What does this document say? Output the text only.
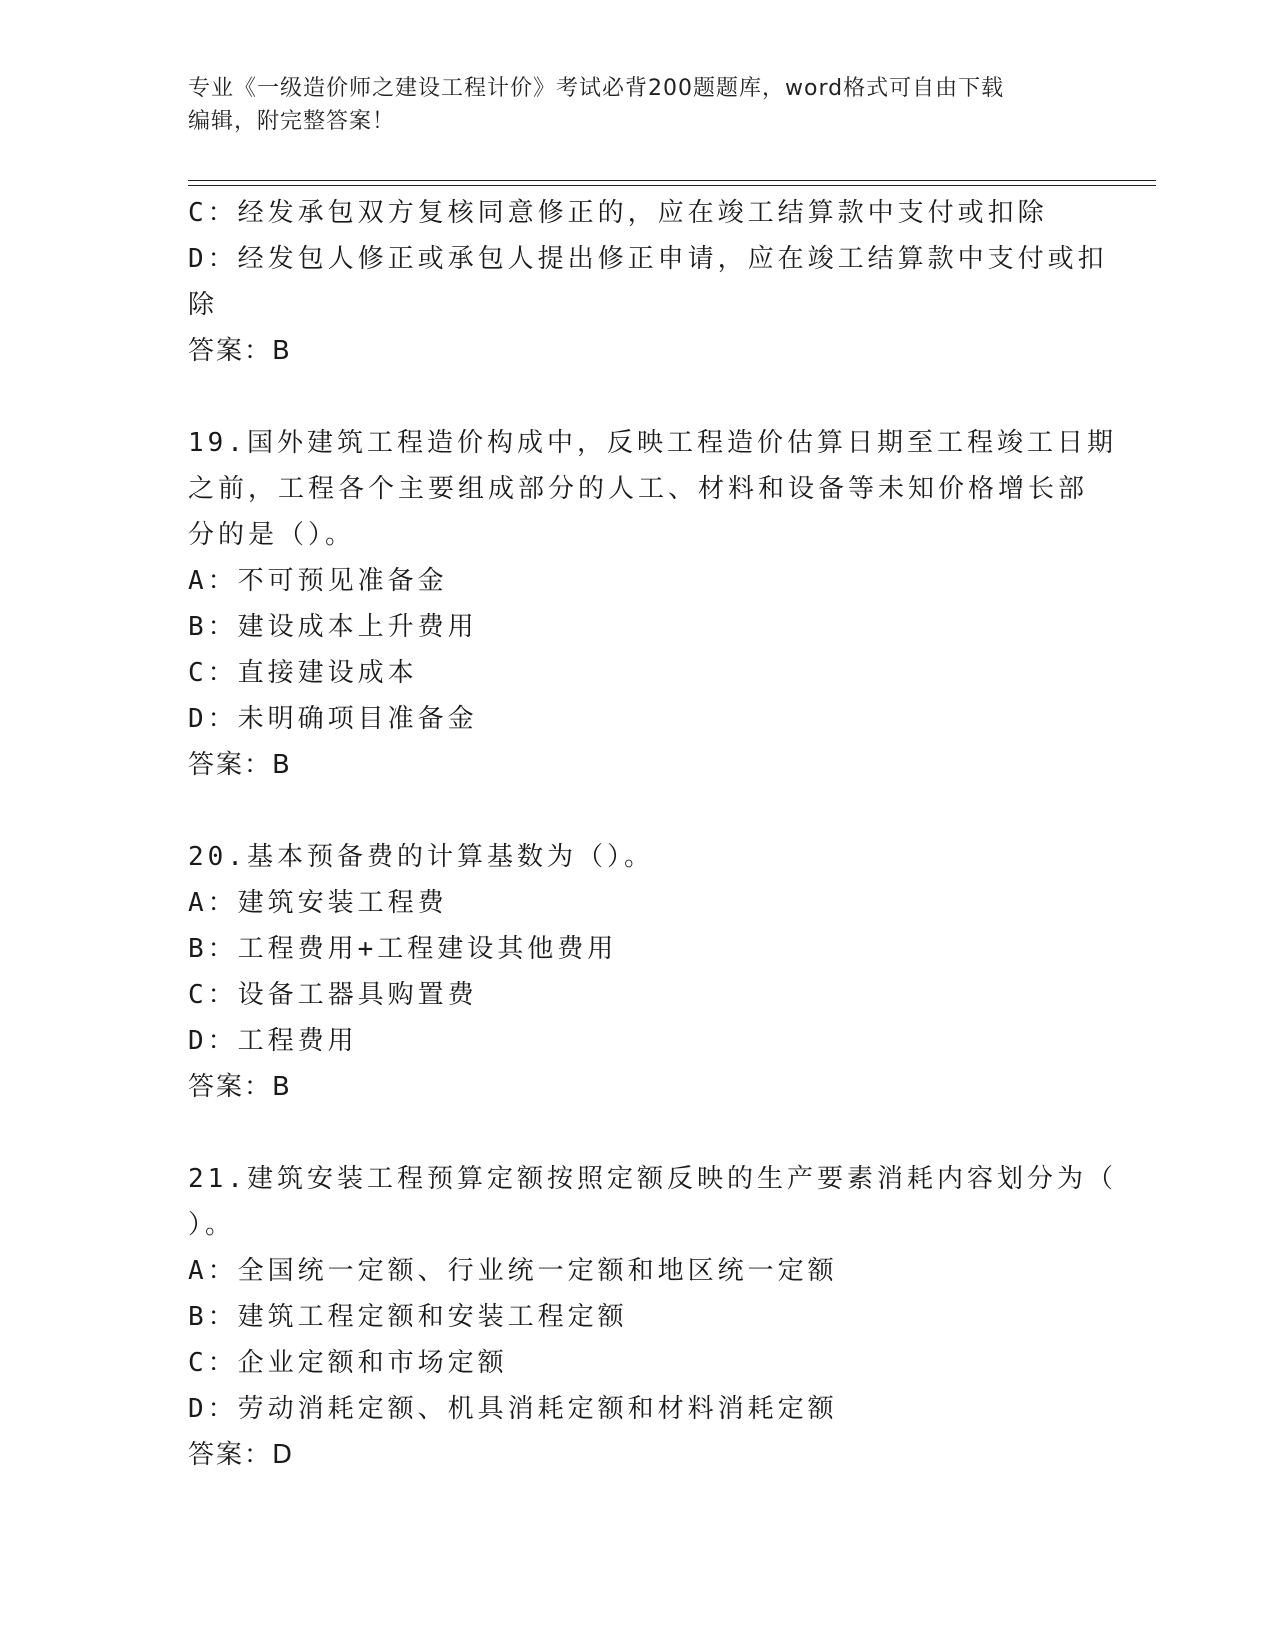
专业《一级造价师之建设工程计价》考试必背200题题库，word格式可自由下载
编辑，附完整答案！
C：经发承包双方复核同意修正的，应在竣工结算款中支付或扣除
D：经发包人修正或承包人提出修正申请，应在竣工结算款中支付或扣
除
答案：B
19.国外建筑工程造价构成中，反映工程造价估算日期至工程竣工日期
之前，工程各个主要组成部分的人工、材料和设备等未知价格增长部
分的是（）。
A：不可预见准备金
B：建设成本上升费用
C：直接建设成本
D：未明确项目准备金
答案：B
20.基本预备费的计算基数为（）。
A：建筑安装工程费
B：工程费用+工程建设其他费用
C：设备工器具购置费
D：工程费用
答案：B
21.建筑安装工程预算定额按照定额反映的生产要素消耗内容划分为（
）。
A：全国统一定额、行业统一定额和地区统一定额
B：建筑工程定额和安装工程定额
C：企业定额和市场定额
D：劳动消耗定额、机具消耗定额和材料消耗定额
答案：D
